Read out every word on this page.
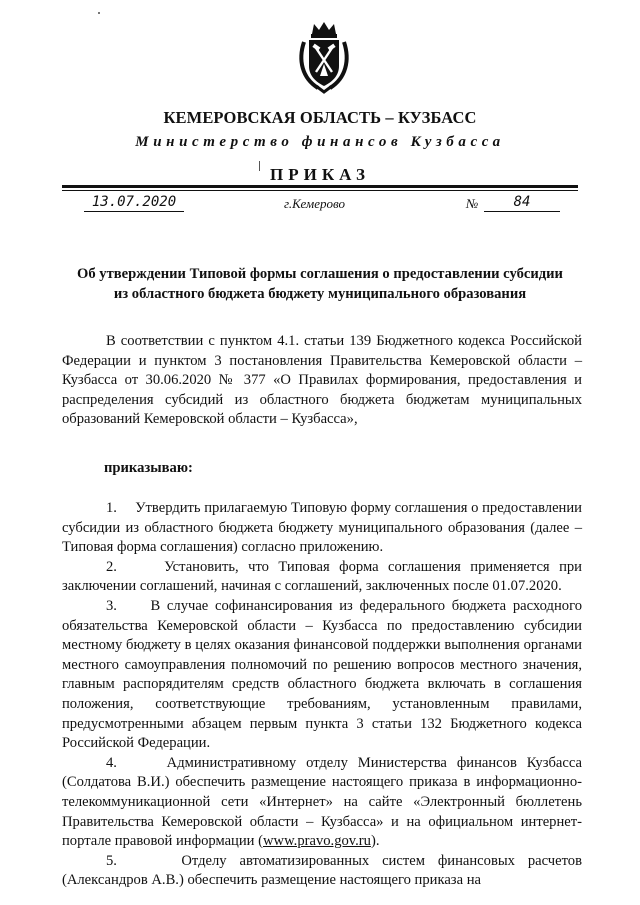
КЕМЕРОВСКАЯ ОБЛАСТЬ – КУЗБАСС
Министерство финансов Кузбасса
ПРИКАЗ
13.07.2020	г.Кемерово	№	84
Об утверждении Типовой формы соглашения о предоставлении субсидии
из областного бюджета бюджету муниципального образования
В соответствии с пунктом 4.1. статьи 139 Бюджетного кодекса Российской Федерации и пунктом 3 постановления Правительства Кемеровской области – Кузбасса от 30.06.2020 № 377 «О Правилах формирования, предоставления и распределения субсидий из областного бюджета бюджетам муниципальных образований Кемеровской области – Кузбасса»,
приказываю:

1.     Утвердить прилагаемую Типовую форму соглашения о предоставлении субсидии из областного бюджета бюджету муниципального образования (далее – Типовая форма соглашения) согласно приложению.

2.     Установить, что Типовая форма соглашения применяется при заключении соглашений, начиная с соглашений, заключенных после 01.07.2020.

3.     В случае софинансирования из федерального бюджета расходного обязательства Кемеровской области – Кузбасса по предоставлению субсидии местному бюджету в целях оказания финансовой поддержки выполнения органами местного самоуправления полномочий по решению вопросов местного значения, главным распорядителям средств областного бюджета включать в соглашения положения, соответствующие требованиям, установленным правилами, предусмотренными абзацем первым пункта 3 статьи 132 Бюджетного кодекса Российской Федерации.

4.     Административному отделу Министерства финансов Кузбасса (Солдатова В.И.) обеспечить размещение настоящего приказа в информационно-телекоммуникационной сети «Интернет» на сайте «Электронный бюллетень Правительства Кемеровской области – Кузбасса» и на официальном интернет-портале правовой информации (www.pravo.gov.ru).

5.     Отделу автоматизированных систем финансовых расчетов (Александров А.В.) обеспечить размещение настоящего приказа на
